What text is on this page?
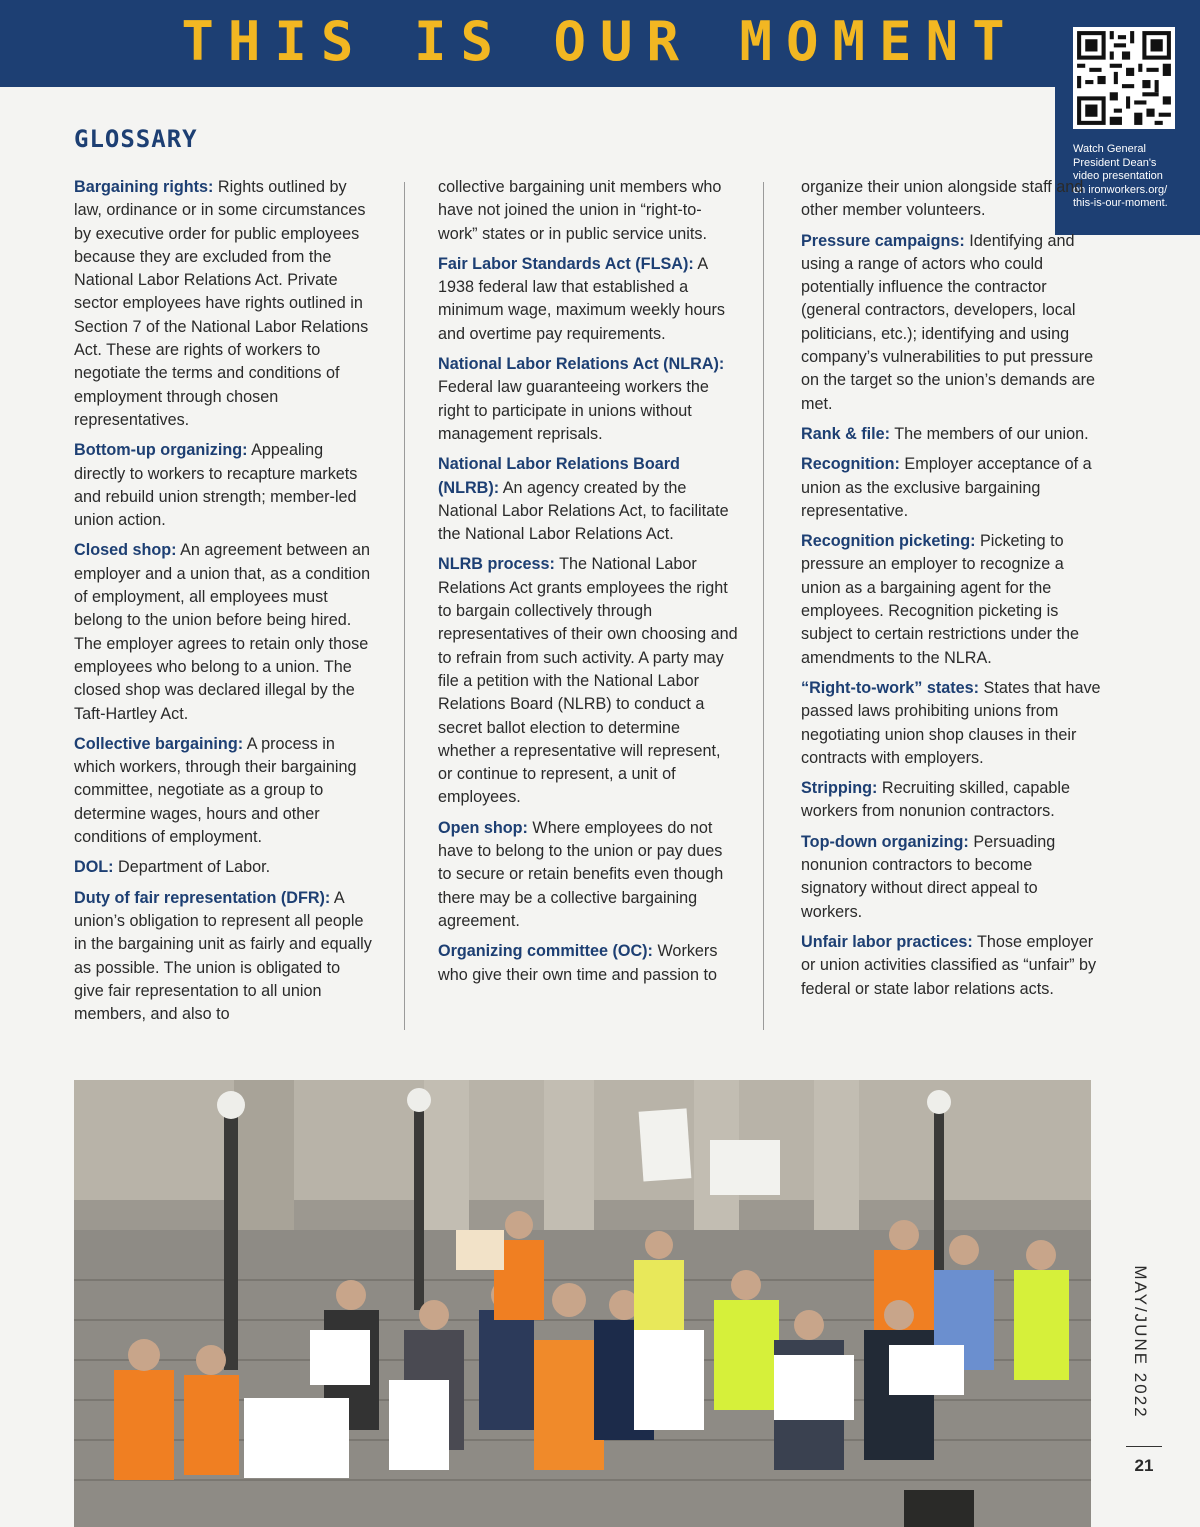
THIS IS OUR MOMENT
Watch General
President Dean's
video presentation
on ironworkers.org/
this-is-our-moment.
GLOSSARY

Bargaining rights: Rights outlined by law, ordinance or in some circumstances by executive order for public employees because they are excluded from the National Labor Relations Act. Private sector employees have rights outlined in Section 7 of the National Labor Relations Act. These are rights of workers to negotiate the terms and conditions of employment through chosen representatives.

Bottom-up organizing: Appealing directly to workers to recapture markets and rebuild union strength; member-led union action.

Closed shop: An agreement between an employer and a union that, as a condition of employment, all employees must belong to the union before being hired. The employer agrees to retain only those employees who belong to a union. The closed shop was declared illegal by the Taft-Hartley Act.

Collective bargaining: A process in which workers, through their bargaining committee, negotiate as a group to determine wages, hours and other conditions of employment.

DOL: Department of Labor.

Duty of fair representation (DFR): A union’s obligation to represent all people in the bargaining unit as fairly and equally as possible. The union is obligated to give fair representation to all union members, and also to

collective bargaining unit members who have not joined the union in “right-to-work” states or in public service units.

Fair Labor Standards Act (FLSA): A 1938 federal law that established a minimum wage, maximum weekly hours and overtime pay requirements.

National Labor Relations Act (NLRA): Federal law guaranteeing workers the right to participate in unions without management reprisals.

National Labor Relations Board (NLRB): An agency created by the National Labor Relations Act, to facilitate the National Labor Relations Act.

NLRB process: The National Labor Relations Act grants employees the right to bargain collectively through representatives of their own choosing and to refrain from such activity. A party may file a petition with the National Labor Relations Board (NLRB) to conduct a secret ballot election to determine whether a representative will represent, or continue to represent, a unit of employees.

Open shop: Where employees do not have to belong to the union or pay dues to secure or retain benefits even though there may be a collective bargaining agreement.

Organizing committee (OC): Workers who give their own time and passion to

organize their union alongside staff and other member volunteers.

Pressure campaigns: Identifying and using a range of actors who could potentially influence the contractor (general contractors, developers, local politicians, etc.); identifying and using company’s vulnerabilities to put pressure on the target so the union’s demands are met.

Rank & file: The members of our union.

Recognition: Employer acceptance of a union as the exclusive bargaining representative.

Recognition picketing: Picketing to pressure an employer to recognize a union as a bargaining agent for the employees. Recognition picketing is subject to certain restrictions under the amendments to the NLRA.

“Right-to-work” states: States that have passed laws prohibiting unions from negotiating union shop clauses in their contracts with employers.

Stripping: Recruiting skilled, capable workers from nonunion contractors.

Top-down organizing: Persuading nonunion contractors to become signatory without direct appeal to workers.

Unfair labor practices: Those employer or union activities classified as “unfair” by federal or state labor relations acts.

MAY/JUNE 2022
21
